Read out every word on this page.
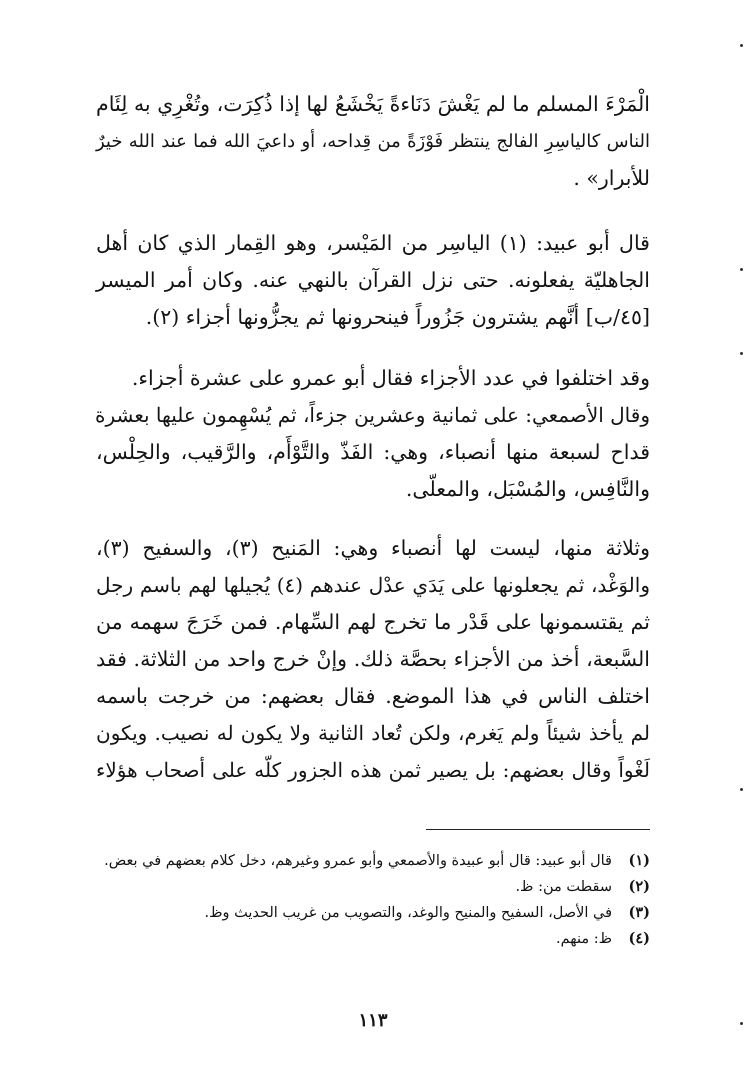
الْمَرْءَ المسلم ما لم يَغْشَ دَنَاءةً يَخْشَعُ لها إذا ذُكِرَت، وتُغْرِي به لِئَام
الناس كالياسِرِ الفالج ينتظر فَوْزَةً من قِداحه، أو داعيَ الله فما عند الله خيرٌ
للأبرار» .

قال أبو عبيد: (١) الياسِر من المَيْسر، وهو القِمار الذي كان أهل
الجاهليّة يفعلونه. حتى نزل القرآن بالنهي عنه. وكان أمر الميسر
[٤٥/ب] أنَّهم يشترون جَزُوراً فينحرونها ثم يجزُّونها أجزاء (٢).

وقد اختلفوا في عدد الأجزاء فقال أبو عمرو على عشرة أجزاء.
وقال الأصمعي: على ثمانية وعشرين جزءاً، ثم يُسْهِمون عليها بعشرة
قداح لسبعة منها أنصباء، وهي: الفَذّ والتَّوْأَم، والرَّقيب، والحِلْس،
والنَّافِس، والمُسْبَل، والمعلّى.

وثلاثة منها، ليست لها أنصباء وهي: المَنيح (٣)، والسفيح (٣)،
والوَغْد، ثم يجعلونها على يَدَي عدْل عندهم (٤) يُجيلها لهم باسم رجل
ثم يقتسمونها على قَدْر ما تخرج لهم السِّهام. فمن خَرَجَ سهمه من
السَّبعة، أخذ من الأجزاء بحصَّة ذلك. وإنْ خرج واحد من الثلاثة. فقد
اختلف الناس في هذا الموضع. فقال بعضهم: من خرجت باسمه
لم يأخذ شيئاً ولم يَغرم، ولكن تُعاد الثانية ولا يكون له نصيب. ويكون
لَغْواً وقال بعضهم: بل يصير ثمن هذه الجزور كلّه على أصحاب هؤلاء

(١)
قال أبو عبيد: قال أبو عبيدة والأصمعي وأبو عمرو وغيرهم، دخل كلام بعضهم في بعض.
(٢)
سقطت من: ظ.
(٣)
في الأصل، السفيح والمنيح والوغد، والتصويب من غريب الحديث وظ.
(٤)
ظ: منهم.
١١٣
